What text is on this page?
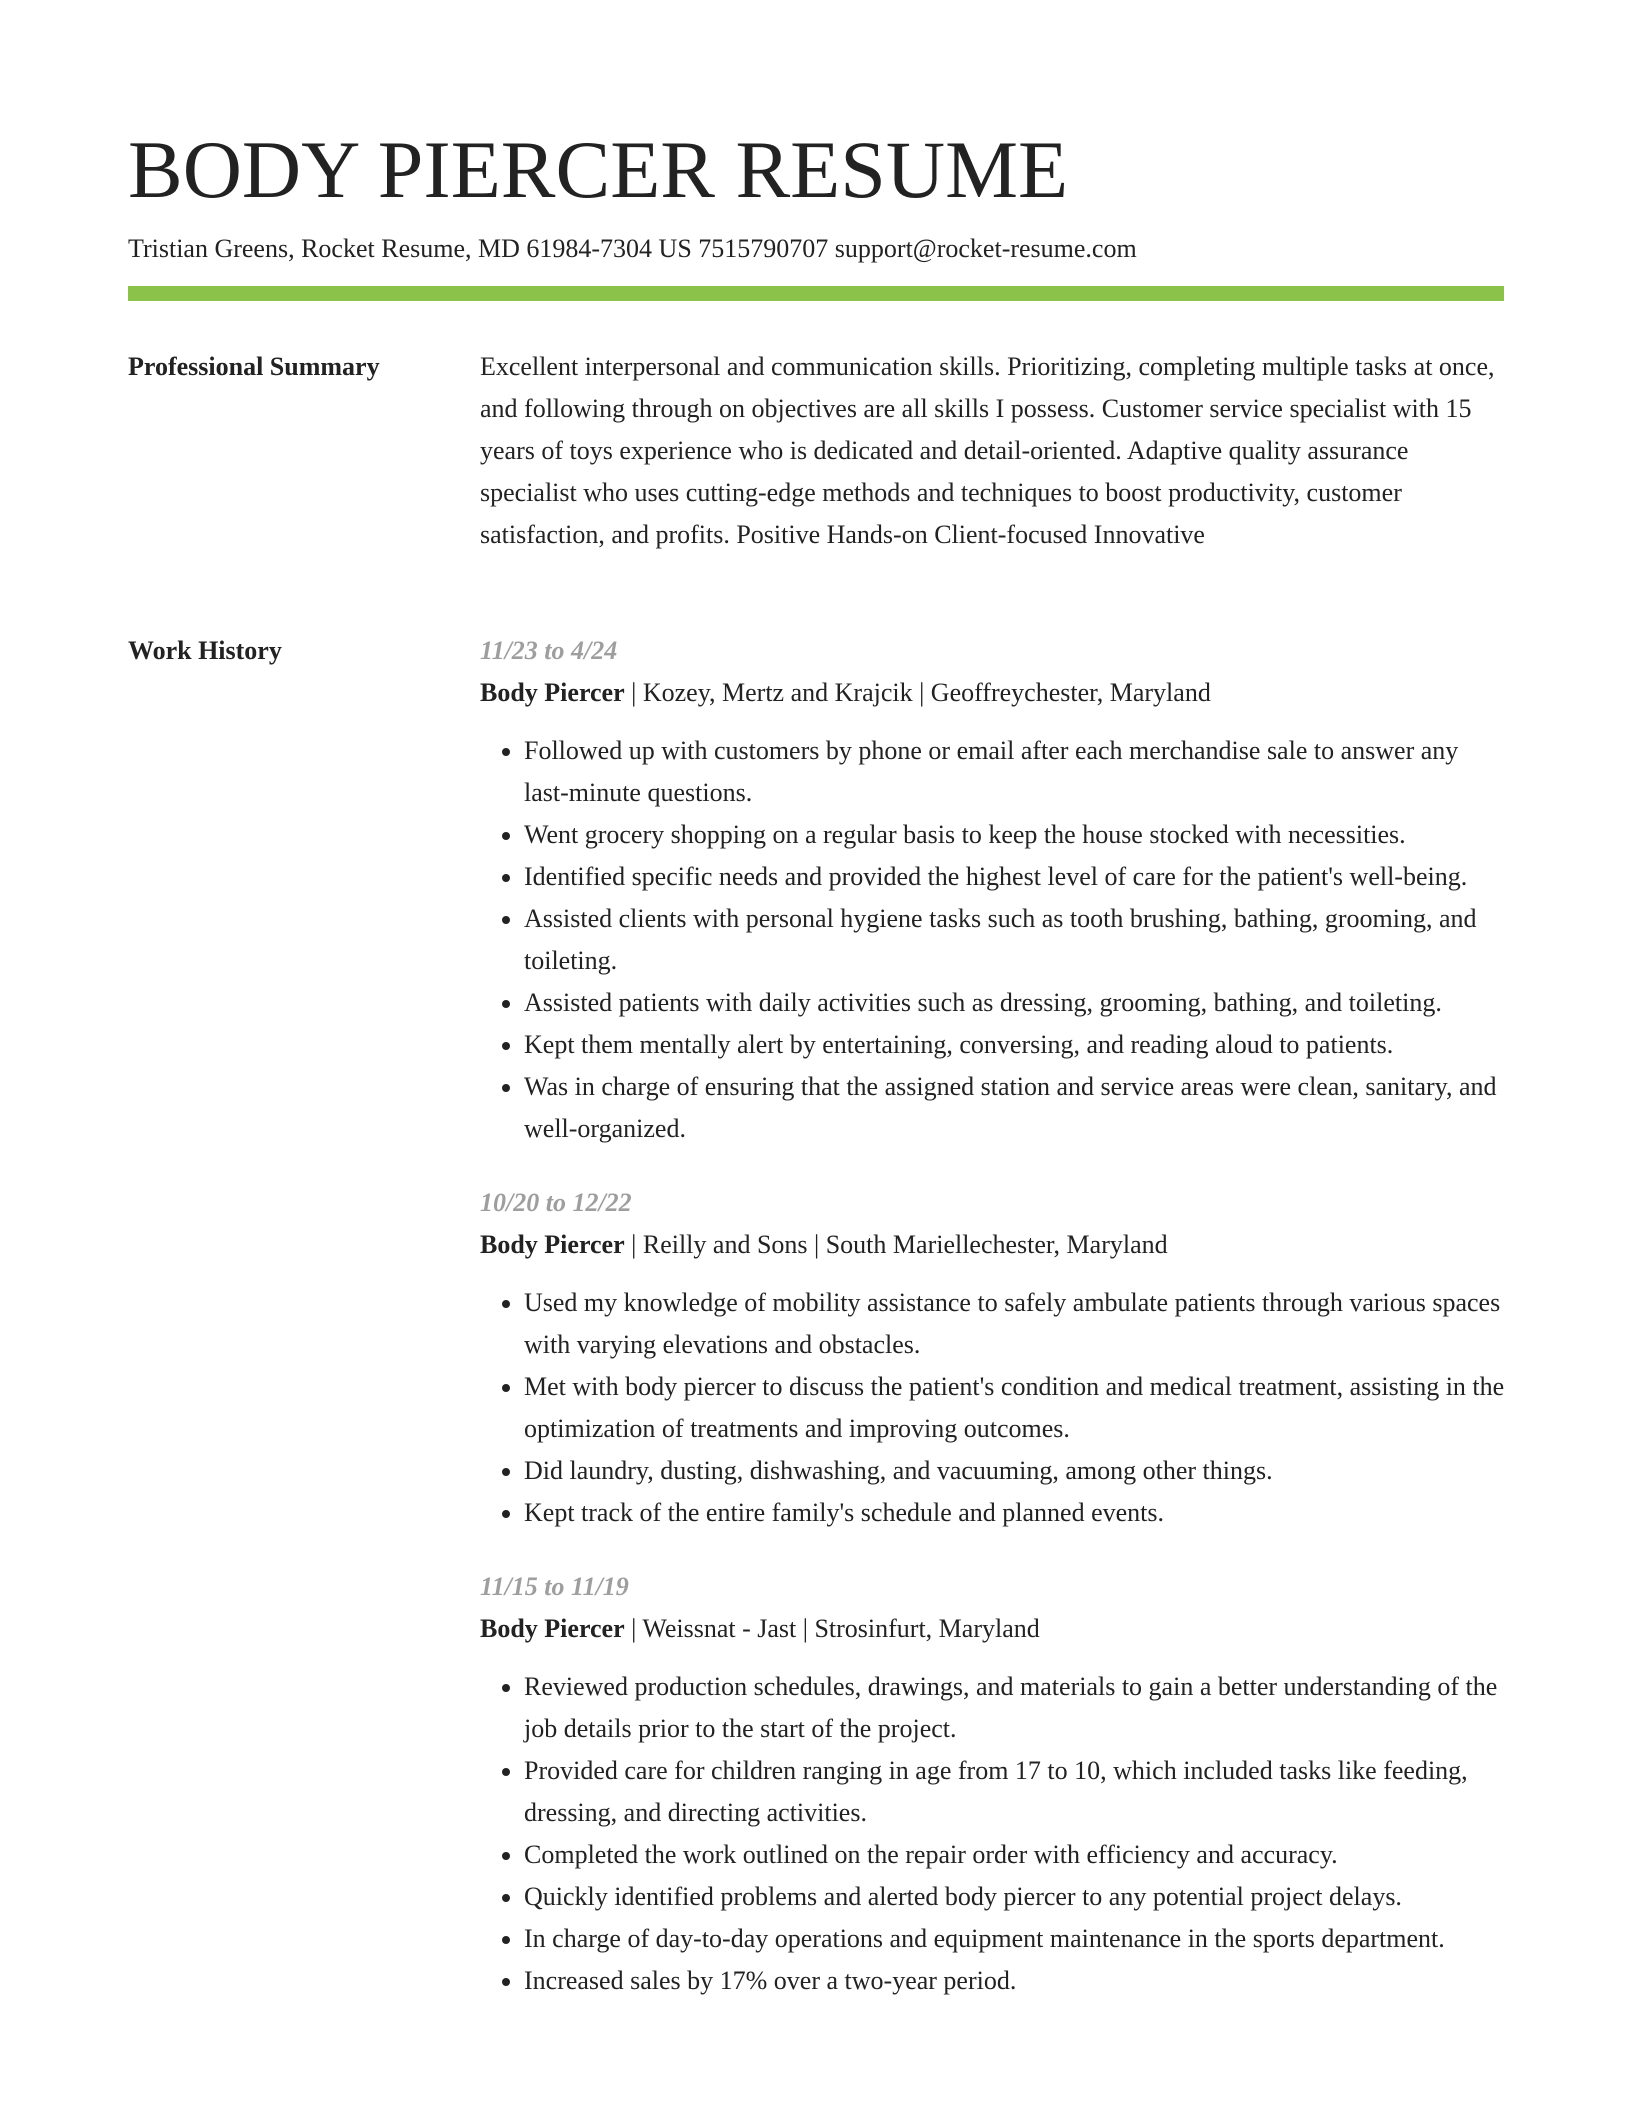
BODY PIERCER RESUME
Tristian Greens, Rocket Resume, MD 61984-7304 US 7515790707 support@rocket-resume.com
Professional Summary	Excellent interpersonal and communication skills. Prioritizing, completing multiple tasks at once, and following through on objectives are all skills I possess. Customer service specialist with 15 years of toys experience who is dedicated and detail-oriented. Adaptive quality assurance specialist who uses cutting-edge methods and techniques to boost productivity, customer satisfaction, and profits. Positive Hands-on Client-focused Innovative

Work History	11/23 to 4/24
Body Piercer | Kozey, Mertz and Krajcik | Geoffreychester, Maryland
• Followed up with customers by phone or email after each merchandise sale to answer any last-minute questions.
• Went grocery shopping on a regular basis to keep the house stocked with necessities.
• Identified specific needs and provided the highest level of care for the patient's well-being.
• Assisted clients with personal hygiene tasks such as tooth brushing, bathing, grooming, and toileting.
• Assisted patients with daily activities such as dressing, grooming, bathing, and toileting.
• Kept them mentally alert by entertaining, conversing, and reading aloud to patients.
• Was in charge of ensuring that the assigned station and service areas were clean, sanitary, and well-organized.
10/20 to 12/22
Body Piercer | Reilly and Sons | South Mariellechester, Maryland
• Used my knowledge of mobility assistance to safely ambulate patients through various spaces with varying elevations and obstacles.
• Met with body piercer to discuss the patient's condition and medical treatment, assisting in the optimization of treatments and improving outcomes.
• Did laundry, dusting, dishwashing, and vacuuming, among other things.
• Kept track of the entire family's schedule and planned events.
11/15 to 11/19
Body Piercer | Weissnat - Jast | Strosinfurt, Maryland
• Reviewed production schedules, drawings, and materials to gain a better understanding of the job details prior to the start of the project.
• Provided care for children ranging in age from 17 to 10, which included tasks like feeding, dressing, and directing activities.
• Completed the work outlined on the repair order with efficiency and accuracy.
• Quickly identified problems and alerted body piercer to any potential project delays.
• In charge of day-to-day operations and equipment maintenance in the sports department.
• Increased sales by 17% over a two-year period.
